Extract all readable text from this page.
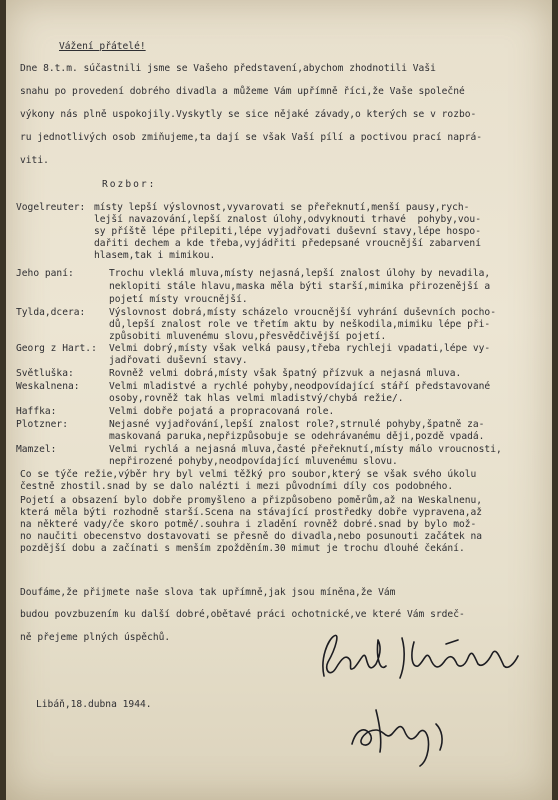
Vážení přátelé!
Dne 8.t.m. súčastnili jsme se Vašeho představení,abychom zhodnotili Vaši
snahu po provedení dobrého divadla a můžeme Vám upřímně říci,že Vaše společné
výkony nás plně uspokojily.Vyskytly se sice nějaké závady,o kterých se v rozbo-
ru jednotlivých osob zmiňujeme,ta dají se však Vaší pílí a poctivou prací naprá-
viti.
Rozbor:
Vogelreuter: místy lepší výslovnost,vyvarovati se přeřeknutí,menší pausy,rych-
lejší navazování,lepší znalost úlohy,odvyknouti trhavé  pohyby,vou-
sy příště lépe přilepiti,lépe vyjadřovati duševní stavy,lépe hospo-
dařiti dechem a kde třeba,vyjádřiti předepsané vroucnější zabarvení
hlasem,tak i mimikou.
Jeho paní:	Trochu vleklá mluva,místy nejasná,lepší znalost úlohy by nevadila,
neklopiti stále hlavu,maska měla býti starší,mimika přirozenější a
pojetí místy vroucnější.
Tylda,dcera: Výslovnost dobrá,místy scházelo vroucnější vyhrání duševních pocho-
dů,lepší znalost role ve třetím aktu by neškodila,mimiku lépe při-
způsobiti mluvenému slovu,přesvědčivější pojetí.
Georg z Hart.: Velmi dobrý,místy však velká pausy,třeba rychleji vpadati,lépe vy-
jadřovati duševní stavy.
Světluška:	Rovněž velmi dobrá,místy však špatný přízvuk a nejasná mluva.
Weskalnena:	Velmi mladistvé a rychlé pohyby,neodpovídající stáří představované
osoby,rovněž tak hlas velmi mladistvý/chybá režie/.
Haffka:	Velmi dobře pojatá a propracovaná role.
Plotzner:	Nejasné vyjadřování,lepší znalost role?,strnulé pohyby,špatně za-
maskovaná paruka,nepřizpůsobuje se odehrávanému ději,pozdě vpadá.
Mamzel:	Velmi rychlá a nejasná mluva,časté přeřeknutí,místy málo vroucnosti,
nepřirozené pohyby,neodpovídající mluvenému slovu.
Co se týče režie,výběr hry byl velmi těžký pro soubor,který se však svého úkolu
čestně zhostil.snad by se dalo nalézti i mezi původními díly cos podobného.
Pojetí a obsazení bylo dobře promyšleno a přizpůsobeno poměrům,až na Weskalnenu,
která měla býti rozhodně starší.Scena na stávající prostředky dobře vypravena,až
na některé vady/če skoro potmě/.souhra i zladění rovněž dobré.snad by bylo mož-
no naučiti obecenstvo dostavovati se přesně do divadla,nebo posunouti začátek na
pozdější dobu a začínati s menším zpožděním.30 mimut je trochu dlouhé čekání.
Doufáme,že přijmete naše slova tak upřímně,jak jsou míněna,že Vám
budou povzbuzením ku další dobré,obětavé práci ochotnické,ve které Vám srdeč-
ně přejeme plných úspěchů.
Libáň,18.dubna 1944.
